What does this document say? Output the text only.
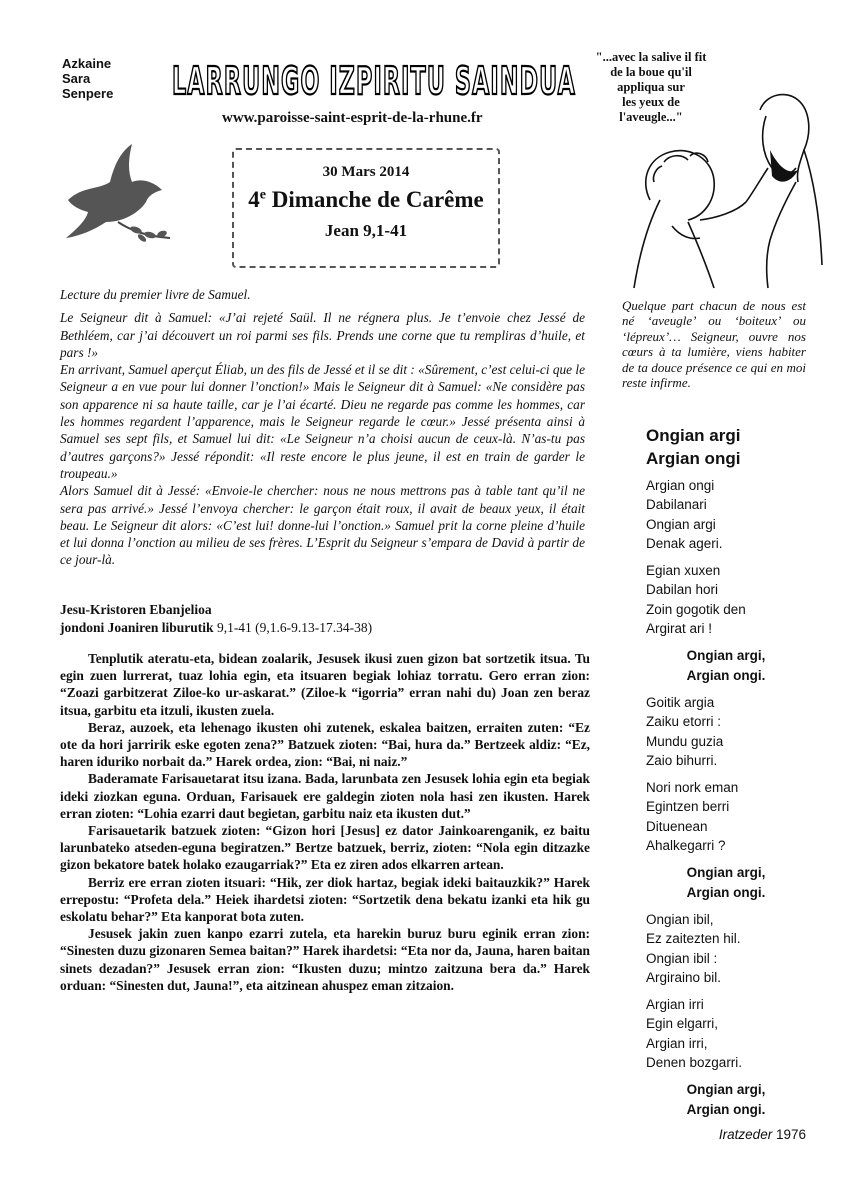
Azkaine
Sara
Senpere LARRUNGO IZPIRITU SAINDUA
www.paroisse-saint-esprit-de-la-rhune.fr
30 Mars 2014
4e Dimanche de Carême
Jean 9,1-41
"...avec la salive il fit
de la boue qu'il
appliqua sur
les yeux de
l'aveugle..."

Lecture du premier livre de Samuel.

Le Seigneur dit à Samuel: «J’ai rejeté Saül. Il ne régnera plus. Je t’envoie chez Jessé de Bethléem, car j’ai découvert un roi parmi ses fils. Prends une corne que tu rempliras d’huile, et pars !»

En arrivant, Samuel aperçut Éliab, un des fils de Jessé et il se dit : «Sûrement, c’est celui-ci que le Seigneur a en vue pour lui donner l’onction!» Mais le Seigneur dit à Samuel: «Ne considère pas son apparence ni sa haute taille, car je l’ai écarté. Dieu ne regarde pas comme les hommes, car les hommes regardent l’apparence, mais le Seigneur regarde le cœur.» Jessé présenta ainsi à Samuel ses sept fils, et Samuel lui dit: «Le Seigneur n’a choisi aucun de ceux-là. N’as-tu pas d’autres garçons?» Jessé répondit: «Il reste encore le plus jeune, il est en train de garder le troupeau.»

Alors Samuel dit à Jessé: «Envoie-le chercher: nous ne nous mettrons pas à table tant qu’il ne sera pas arrivé.» Jessé l’envoya chercher: le garçon était roux, il avait de beaux yeux, il était beau. Le Seigneur dit alors: «C’est lui! donne-lui l’onction.» Samuel prit la corne pleine d’huile et lui donna l’onction au milieu de ses frères. L’Esprit du Seigneur s’empara de David à partir de ce jour-là.

Jesu-Kristoren Ebanjelioa
jondoni Joaniren liburutik 9,1-41 (9,1.6-9.13-17.34-38)

Tenplutik ateratu-eta, bidean zoalarik, Jesusek ikusi zuen gizon bat sortzetik itsua. Tu egin zuen lurrerat, tuaz lohia egin, eta itsuaren begiak lohiaz torratu. Gero erran zion: “Zoazi garbitzerat Ziloe-ko ur-askarat.” (Ziloe-k “igorria” erran nahi du) Joan zen beraz itsua, garbitu eta itzuli, ikusten zuela.

Beraz, auzoek, eta lehenago ikusten ohi zutenek, eskalea baitzen, erraiten zuten: “Ez ote da hori jarririk eske egoten zena?” Batzuek zioten: “Bai, hura da.” Bertzeek aldiz: “Ez, haren iduriko norbait da.” Harek ordea, zion: “Bai, ni naiz.”

Baderamate Farisauetarat itsu izana. Bada, larunbata zen Jesusek lohia egin eta begiak ideki ziozkan eguna. Orduan, Farisauek ere galdegin zioten nola hasi zen ikusten. Harek erran zioten: “Lohia ezarri daut begietan, garbitu naiz eta ikusten dut.”

Farisauetarik batzuek zioten: “Gizon hori [Jesus] ez dator Jainkoarenganik, ez baitu larunbateko atseden-eguna begiratzen.” Bertze batzuek, berriz, zioten: “Nola egin ditzazke gizon bekatore batek holako ezaugarriak?” Eta ez ziren ados elkarren artean.

Berriz ere erran zioten itsuari: “Hik, zer diok hartaz, begiak ideki baitauzkik?” Harek errepostu: “Profeta dela.” Heiek ihardetsi zioten: “Sortzetik dena bekatu izanki eta hik gu eskolatu behar?” Eta kanporat bota zuten.

Jesusek jakin zuen kanpo ezarri zutela, eta harekin buruz buru eginik erran zion: “Sinesten duzu gizonaren Semea baitan?” Harek ihardetsi: “Eta nor da, Jauna, haren baitan sinets dezadan?” Jesusek erran zion: “Ikusten duzu; mintzo zaitzuna bera da.” Harek orduan: “Sinesten dut, Jauna!”, eta aitzinean ahuspez eman zitzaion.

Quelque part chacun de nous est né ‘aveugle’ ou ‘boiteux’ ou ‘lépreux’… Seigneur, ouvre nos cœurs à ta lumière, viens habiter de ta douce présence ce qui en moi reste infirme.
Ongian argi
Argian ongi
Argian ongi
Dabilanari
Ongian argi
Denak ageri.
Egian xuxen
Dabilan hori
Zoin gogotik den
Argirat ari !
Ongian argi,
Argian ongi.
Goitik argia
Zaiku etorri :
Mundu guzia
Zaio bihurri.
Nori nork eman
Egintzen berri
Dituenean
Ahalkegarri ?
Ongian argi,
Argian ongi.
Ongian ibil,
Ez zaitezten hil.
Ongian ibil :
Argiraino bil.
Argian irri
Egin elgarri,
Argian irri,
Denen bozgarri.
Ongian argi,
Argian ongi.
Iratzeder 1976
